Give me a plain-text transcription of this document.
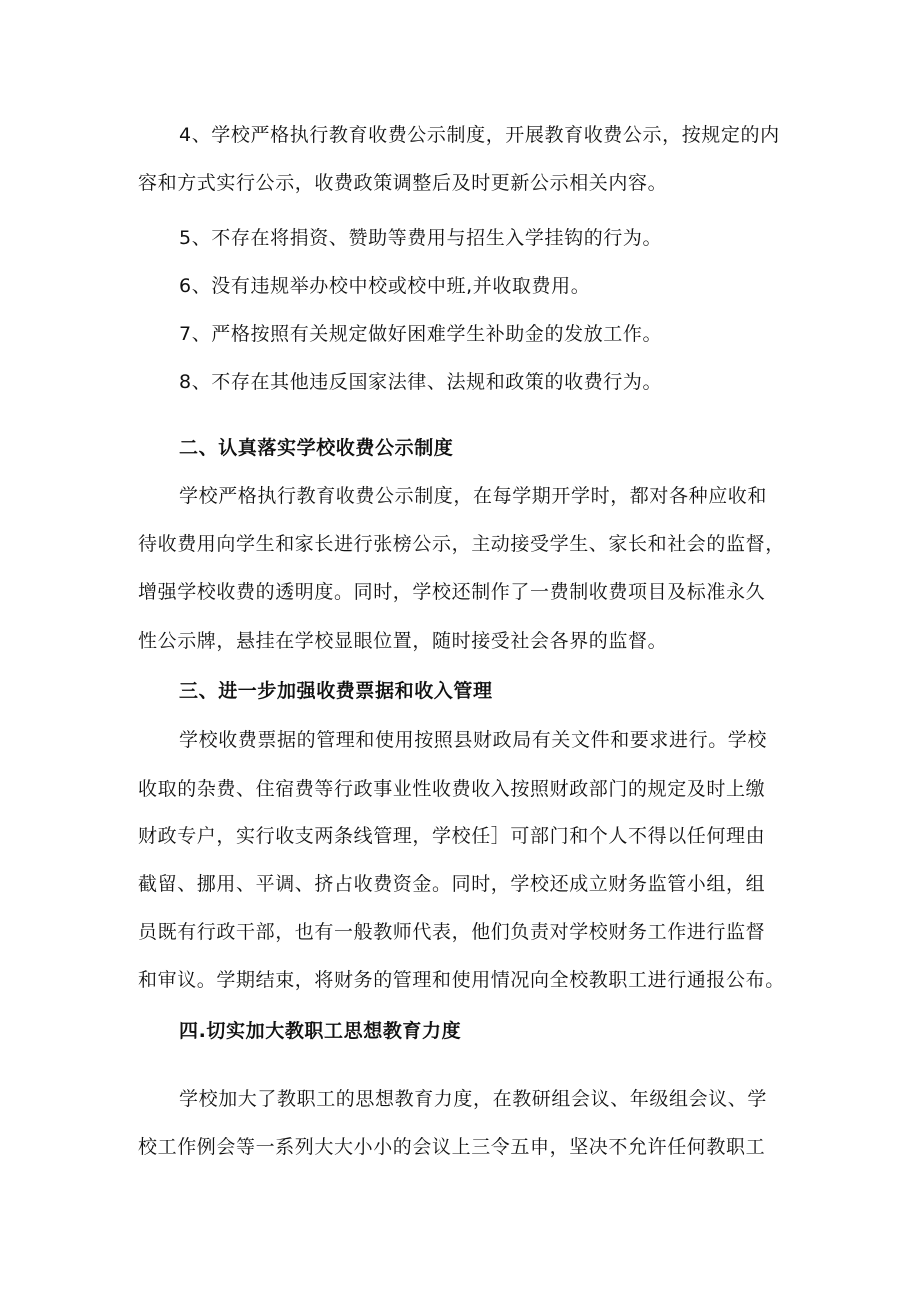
4、学校严格执行教育收费公示制度，开展教育收费公示，按规定的内
容和方式实行公示，收费政策调整后及时更新公示相关内容。
5、不存在将捐资、赞助等费用与招生入学挂钩的行为。
6、没有违规举办校中校或校中班,并收取费用。
7、严格按照有关规定做好困难学生补助金的发放工作。
8、不存在其他违反国家法律、法规和政策的收费行为。
二、认真落实学校收费公示制度
学校严格执行教育收费公示制度，在每学期开学时，都对各种应收和
待收费用向学生和家长进行张榜公示，主动接受学生、家长和社会的监督，
增强学校收费的透明度。同时，学校还制作了一费制收费项目及标准永久
性公示牌，悬挂在学校显眼位置，随时接受社会各界的监督。
三、进一步加强收费票据和收入管理
学校收费票据的管理和使用按照县财政局有关文件和要求进行。学校
收取的杂费、住宿费等行政事业性收费收入按照财政部门的规定及时上缴
财政专户，实行收支两条线管理，学校任］可部门和个人不得以任何理由
截留、挪用、平调、挤占收费资金。同时，学校还成立财务监管小组，组
员既有行政干部，也有一般教师代表，他们负责对学校财务工作进行监督
和审议。学期结束，将财务的管理和使用情况向全校教职工进行通报公布。
四.切实加大教职工思想教育力度
学校加大了教职工的思想教育力度，在教研组会议、年级组会议、学
校工作例会等一系列大大小小的会议上三令五申，坚决不允许任何教职工
